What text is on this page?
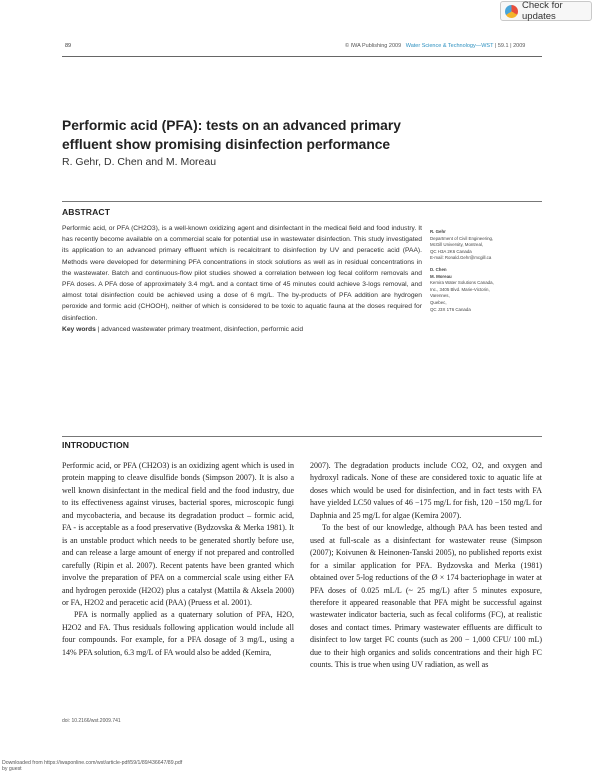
Check for updates
89	© IWA Publishing 2009 Water Science & Technology—WST | 59.1 | 2009
Performic acid (PFA): tests on an advanced primary effluent show promising disinfection performance
R. Gehr, D. Chen and M. Moreau
ABSTRACT
Performic acid, or PFA (CH2O3), is a well-known oxidizing agent and disinfectant in the medical field and food industry. It has recently become available on a commercial scale for potential use in wastewater disinfection. This study investigated its application to an advanced primary effluent which is recalcitrant to disinfection by UV and peracetic acid (PAA). Methods were developed for determining PFA concentrations in stock solutions as well as in residual concentrations in the wastewater. Batch and continuous-flow pilot studies showed a correlation between log fecal coliform removals and PFA doses. A PFA dose of approximately 3.4 mg/L and a contact time of 45 minutes could achieve 3-logs removal, and almost total disinfection could be achieved using a dose of 6 mg/L. The by-products of PFA addition are hydrogen peroxide and formic acid (CHOOH), neither of which is considered to be toxic to aquatic fauna at the doses required for disinfection.
Key words | advanced wastewater primary treatment, disinfection, performic acid
R. Gehr
Department of Civil Engineering,
McGill University, Montreal,
QC H3A 2K6 Canada
E-mail: Ronald.Gehr@mcgill.ca
D. Chen
M. Moreau
Kemira Water Solutions Canada,
Inc., 3405 Blvd. Marie-Victorin,
Varennes,
Quebec,
QC J3X 1T6 Canada
INTRODUCTION

Performic acid, or PFA (CH2O3) is an oxidizing agent which is used in protein mapping to cleave disulfide bonds (Simpson 2007). It is also a well known disinfectant in the medical field and the food industry, due to its effectiveness against viruses, bacterial spores, microscopic fungi and mycobacteria, and because its degradation product – formic acid, FA - is acceptable as a food preservative (Bydzovska & Merka 1981). It is an unstable product which needs to be generated shortly before use, and can release a large amount of energy if not prepared and controlled carefully (Ripin et al. 2007). Recent patents have been granted which involve the preparation of PFA on a commercial scale using either FA and hydrogen peroxide (H2O2) plus a catalyst (Mattila & Aksela 2000) or FA, H2O2 and peracetic acid (PAA) (Pruess et al. 2001).

PFA is normally applied as a quaternary solution of PFA, H2O, H2O2 and FA. Thus residuals following application would include all four compounds. For example, for a PFA dosage of 3 mg/L, using a 14% PFA solution, 6.3 mg/L of FA would also be added (Kemira,

2007). The degradation products include CO2, O2, and oxygen and hydroxyl radicals. None of these are considered toxic to aquatic life at doses which would be used for disinfection, and in fact tests with FA have yielded LC50 values of 46 −175 mg/L for fish, 120 −150 mg/L for Daphnia and 25 mg/L for algae (Kemira 2007).

To the best of our knowledge, although PAA has been tested and used at full-scale as a disinfectant for wastewater reuse (Simpson (2007); Koivunen & Heinonen-Tanski 2005), no published reports exist for a similar application for PFA. Bydzovska and Merka (1981) obtained over 5-log reductions of the Ø × 174 bacteriophage in water at PFA doses of 0.025 mL/L (~ 25 mg/L) after 5 minutes exposure, therefore it appeared reasonable that PFA might be successful against wastewater indicator bacteria, such as fecal coliforms (FC), at realistic doses and contact times. Primary wastewater effluents are difficult to disinfect to low target FC counts (such as 200 − 1,000 CFU/ 100 mL) due to their high organics and solids concentrations and their high FC counts. This is true when using UV radiation, as well as

doi: 10.2166/wst.2009.741
Downloaded from https://iwaponline.com/wst/article-pdf/59/1/89/436647/89.pdf
by guest
